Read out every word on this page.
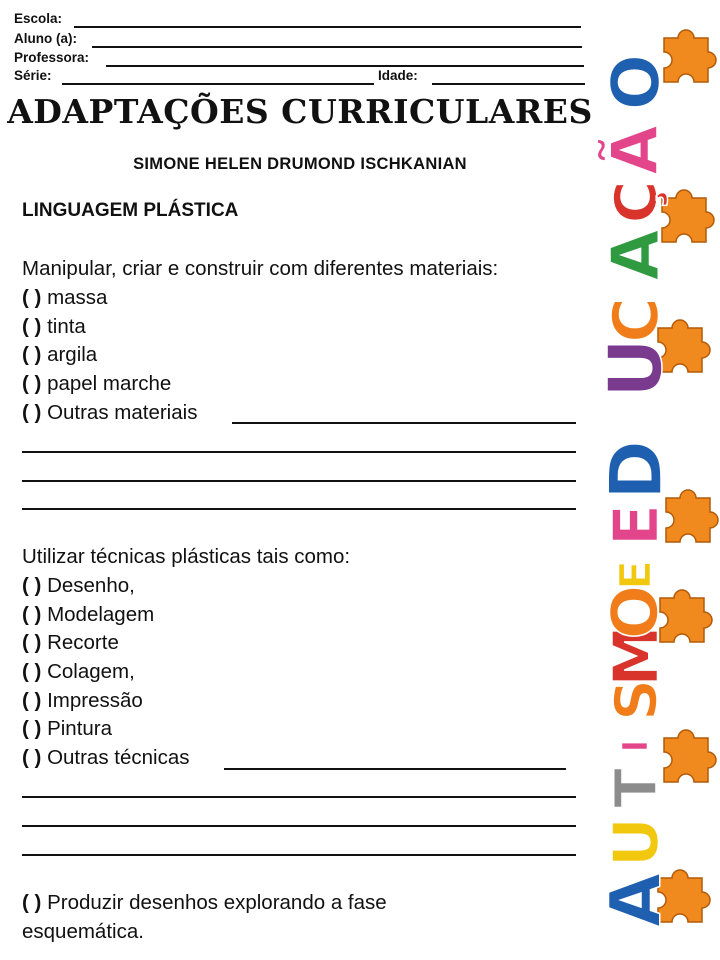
Escola:
Aluno (a):
Professora:
Série:	Idade:
ADAPTAÇÕES CURRICULARES
SIMONE HELEN DRUMOND ISCHKANIAN
LINGUAGEM PLÁSTICA
Manipular, criar e construir com diferentes materiais:
( ) massa
( ) tinta
( ) argila
( ) papel marche
( ) Outras materiais
Utilizar técnicas plásticas tais como:
( ) Desenho,
( ) Modelagem
( ) Recorte
( ) Colagem,
( ) Impressão
( ) Pintura
( ) Outras técnicas
( ) Produzir desenhos explorando a fase
esquemática.
A
U
T
I
S
M
O
E
E
D
U
C
A
Ç
Ã
O
